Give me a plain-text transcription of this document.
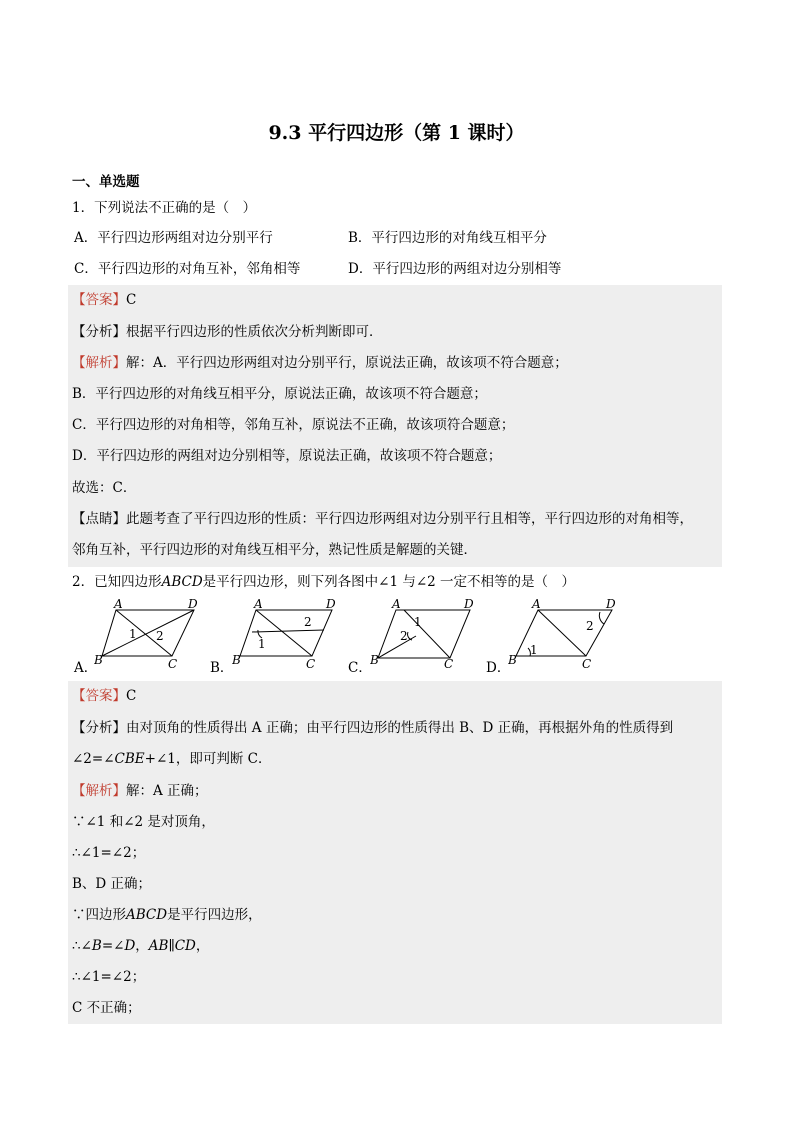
9.3 平行四边形（第 1 课时）
一、单选题
1．下列说法不正确的是（　）
A．平行四边形两组对边分别平行	B．平行四边形的对角线互相平分
C．平行四边形的对角互补，邻角相等	D．平行四边形的两组对边分别相等
【答案】C
【分析】根据平行四边形的性质依次分析判断即可．
【解析】解：A．平行四边形两组对边分别平行，原说法正确，故该项不符合题意；
B．平行四边形的对角线互相平分，原说法正确，故该项不符合题意；
C．平行四边形的对角相等，邻角互补，原说法不正确，故该项符合题意；
D．平行四边形的两组对边分别相等，原说法正确，故该项不符合题意；
故选：C．
【点睛】此题考查了平行四边形的性质：平行四边形两组对边分别平行且相等，平行四边形的对角相等，
邻角互补，平行四边形的对角线互相平分，熟记性质是解题的关键．
2．已知四边形ABCD是平行四边形，则下列各图中∠1 与∠2 一定不相等的是（　）
A	D
B	C
1 2
A	D
B	C
1
2
A	D
B	C
1
2
A	D
B	C
1
2
A．	B．	C．	D．
【答案】C
【分析】由对顶角的性质得出 A 正确；由平行四边形的性质得出 B、D 正确，再根据外角的性质得到
∠2=∠CBE+∠1，即可判断 C．
【解析】解：A 正确；
∵∠1 和∠2 是对顶角，
∴∠1=∠2；
B、D 正确；
∵四边形ABCD是平行四边形，
∴∠B=∠D，AB∥CD，
∴∠1=∠2；
C 不正确；
